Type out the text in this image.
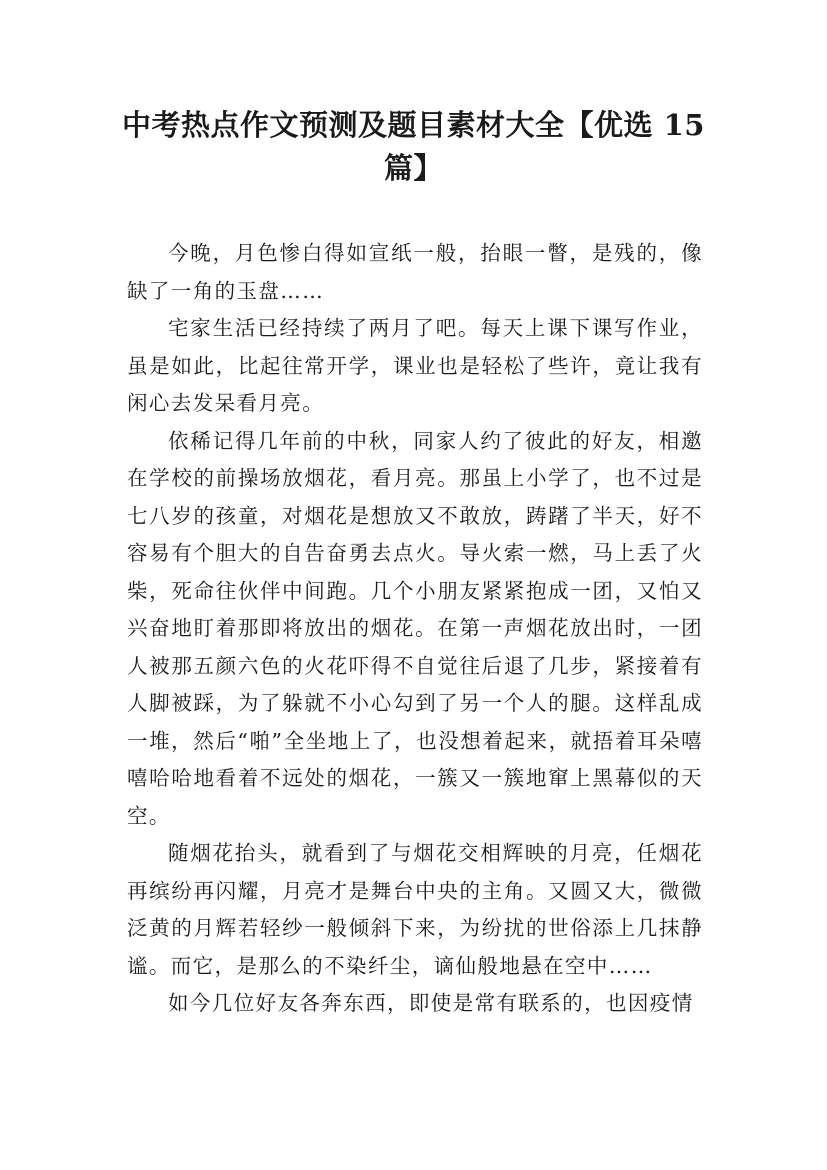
中考热点作文预测及题目素材大全【优选 15 篇】

今晚，月色惨白得如宣纸一般，抬眼一瞥，是残的，像缺了一角的玉盘……

宅家生活已经持续了两月了吧。每天上课下课写作业，虽是如此，比起往常开学，课业也是轻松了些许，竟让我有闲心去发呆看月亮。

依稀记得几年前的中秋，同家人约了彼此的好友，相邀在学校的前操场放烟花，看月亮。那虽上小学了，也不过是七八岁的孩童，对烟花是想放又不敢放，踌躇了半天，好不容易有个胆大的自告奋勇去点火。导火索一燃，马上丢了火柴，死命往伙伴中间跑。几个小朋友紧紧抱成一团，又怕又兴奋地盯着那即将放出的烟花。在第一声烟花放出时，一团人被那五颜六色的火花吓得不自觉往后退了几步，紧接着有人脚被踩，为了躲就不小心勾到了另一个人的腿。这样乱成一堆，然后“啪”全坐地上了，也没想着起来，就捂着耳朵嘻嘻哈哈地看着不远处的烟花，一簇又一簇地窜上黑幕似的天空。

随烟花抬头，就看到了与烟花交相辉映的月亮，任烟花再缤纷再闪耀，月亮才是舞台中央的主角。又圆又大，微微泛黄的月辉若轻纱一般倾斜下来，为纷扰的世俗添上几抹静谧。而它，是那么的不染纤尘，谪仙般地悬在空中……

如今几位好友各奔东西，即使是常有联系的，也因疫情
